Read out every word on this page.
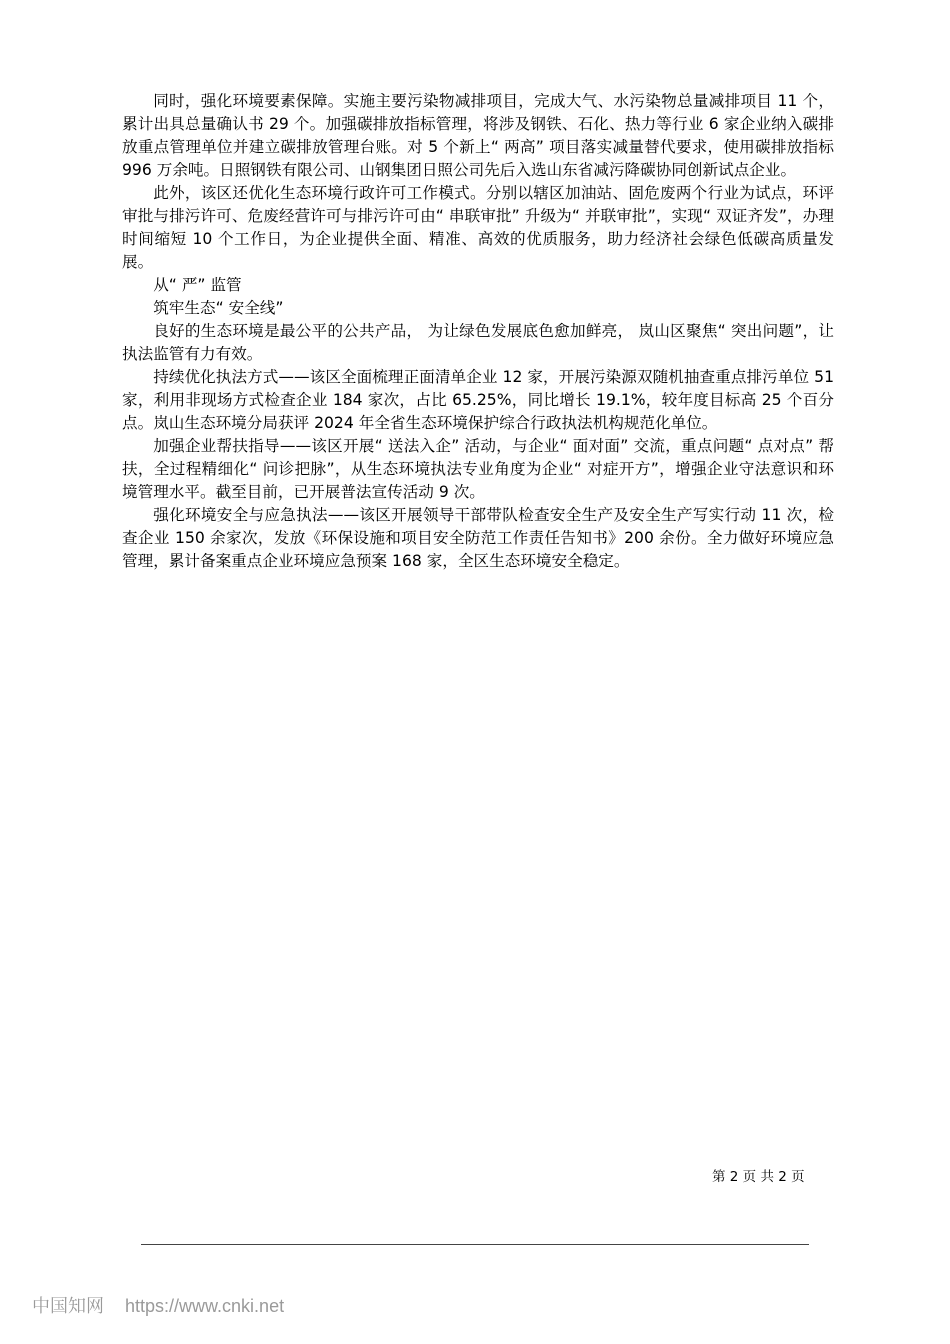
同时，强化环境要素保障。实施主要污染物减排项目，完成大气、水污染物总量减排项目 11 个，累计出具总量确认书 29 个。加强碳排放指标管理，将涉及钢铁、石化、热力等行业 6 家企业纳入碳排放重点管理单位并建立碳排放管理台账。对 5 个新上“ 两高” 项目落实减量替代要求，使用碳排放指标 996 万余吨。日照钢铁有限公司、山钢集团日照公司先后入选山东省减污降碳协同创新试点企业。

此外，该区还优化生态环境行政许可工作模式。分别以辖区加油站、固危废两个行业为试点，环评审批与排污许可、危废经营许可与排污许可由“ 串联审批” 升级为“ 并联审批”，实现“ 双证齐发”，办理时间缩短 10 个工作日，为企业提供全面、精准、高效的优质服务，助力经济社会绿色低碳高质量发展。

从“ 严” 监管

筑牢生态“ 安全线”

良好的生态环境是最公平的公共产品， 为让绿色发展底色愈加鲜亮， 岚山区聚焦“ 突出问题”，让执法监管有力有效。

持续优化执法方式——该区全面梳理正面清单企业 12 家，开展污染源双随机抽查重点排污单位 51 家，利用非现场方式检查企业 184 家次，占比 65.25%，同比增长 19.1%，较年度目标高 25 个百分点。岚山生态环境分局获评 2024 年全省生态环境保护综合行政执法机构规范化单位。

加强企业帮扶指导——该区开展“ 送法入企” 活动，与企业“ 面对面” 交流，重点问题“ 点对点” 帮扶，全过程精细化“ 问诊把脉”，从生态环境执法专业角度为企业“ 对症开方”，增强企业守法意识和环境管理水平。截至目前，已开展普法宣传活动 9 次。

强化环境安全与应急执法——该区开展领导干部带队检查安全生产及安全生产写实行动 11 次，检查企业 150 余家次，发放《环保设施和项目安全防范工作责任告知书》200 余份。全力做好环境应急管理，累计备案重点企业环境应急预案 168 家，全区生态环境安全稳定。

第 2 页 共 2 页
中国知网 https://www.cnki.net
